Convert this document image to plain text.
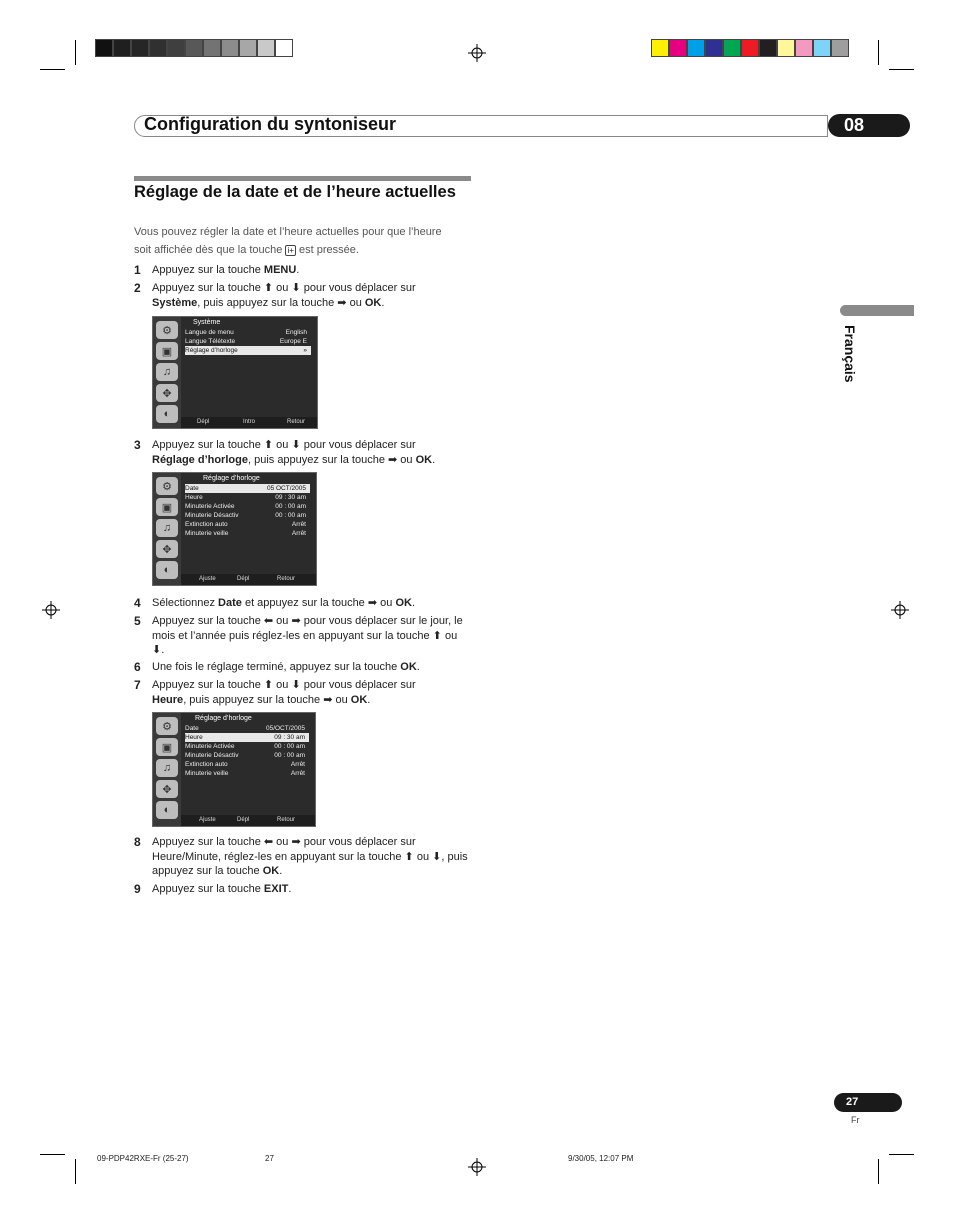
Configuration du syntoniseur	08
Réglage de la date et de l’heure actuelles
Vous pouvez régler la date et l’heure actuelles pour que l’heure
soit affichée dès que la touche i+ est pressée.
1 Appuyez sur la touche MENU.
2 Appuyez sur la touche ⬆ ou ⬇ pour vous déplacer sur
Système, puis appuyez sur la touche ➡ ou OK.
⚙
▣
♫
✥
◐
Système
Langue de menu	English
Langue Télétexte	Europe E
Réglage d’horloge	»
Dépl	Intro	Retour
3 Appuyez sur la touche ⬆ ou ⬇ pour vous déplacer sur
Réglage d’horloge, puis appuyez sur la touche ➡ ou OK.
⚙
▣
♫
✥
◐
Réglage d’horloge
Date	05 OCT/2005
Heure	09 : 30 am
Minuterie Activée	00 : 00 am
Minuterie Désactiv	00 : 00 am
Extinction auto	Arrêt
Minuterie veille	Arrêt
Ajuste	Dépl	Retour
4 Sélectionnez Date et appuyez sur la touche ➡ ou OK.
5 Appuyez sur la touche ⬅ ou ➡ pour vous déplacer sur le jour, le mois et l’année puis réglez-les en appuyant sur la touche ⬆ ou ⬇.
6 Une fois le réglage terminé, appuyez sur la touche OK.
7 Appuyez sur la touche ⬆ ou ⬇ pour vous déplacer sur
Heure, puis appuyez sur la touche ➡ ou OK.
⚙
▣
♫
✥
◐
Réglage d’horloge
Date	05/OCT/2005
Heure	09 : 30 am
Minuterie Activée	00 : 00 am
Minuterie Désactiv	00 : 00 am
Extinction auto	Arrêt
Minuterie veille	Arrêt
Ajuste	Dépl	Retour
8 Appuyez sur la touche ⬅ ou ➡ pour vous déplacer sur Heure/Minute, réglez-les en appuyant sur la touche ⬆ ou ⬇, puis appuyez sur la touche OK.
9 Appuyez sur la touche EXIT.
Français
27
Fr
09-PDP42RXE-Fr (25-27)	27	9/30/05, 12:07 PM
